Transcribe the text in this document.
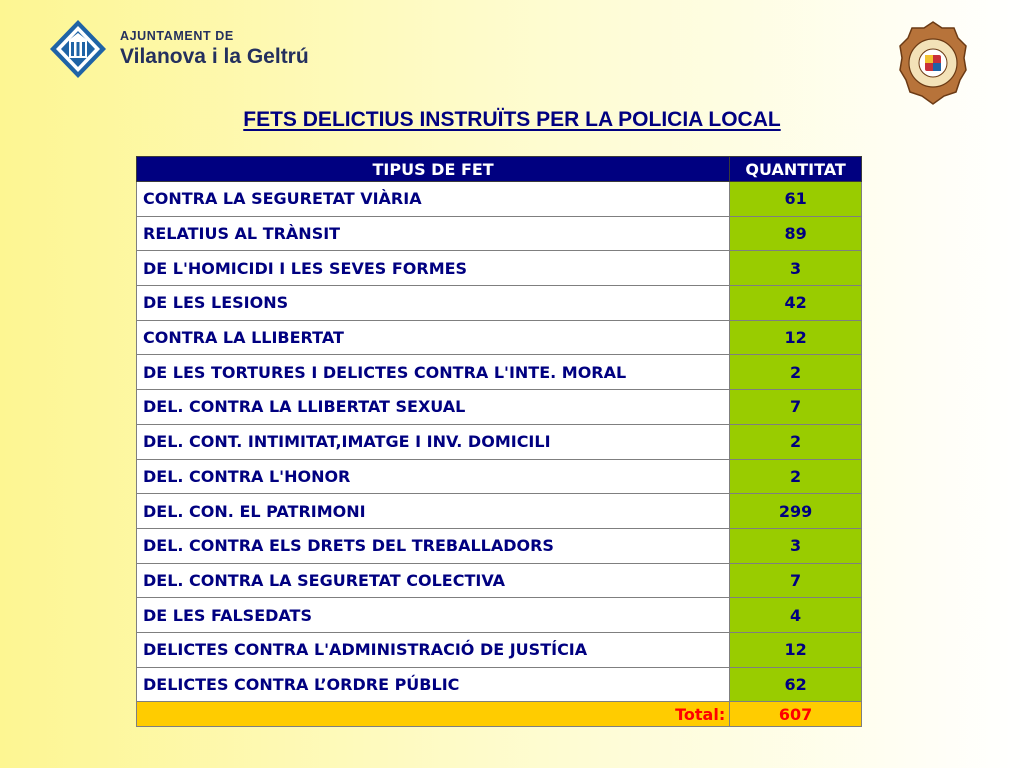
AJUNTAMENT DE
Vilanova i la Geltrú
FETS DELICTIUS INSTRUÏTS PER LA POLICIA LOCAL
TIPUS DE FET	QUANTITAT
CONTRA LA SEGURETAT VIÀRIA	61
RELATIUS AL TRÀNSIT	89
DE L'HOMICIDI I LES SEVES FORMES	3
DE LES LESIONS	42
CONTRA LA LLIBERTAT	12
DE LES TORTURES I DELICTES CONTRA L'INTE. MORAL	2
DEL. CONTRA LA LLIBERTAT SEXUAL	7
DEL. CONT. INTIMITAT,IMATGE I INV. DOMICILI	2
DEL. CONTRA L'HONOR	2
DEL. CON. EL PATRIMONI	299
DEL. CONTRA ELS DRETS DEL TREBALLADORS	3
DEL. CONTRA LA SEGURETAT COLECTIVA	7
DE LES FALSEDATS	4
DELICTES CONTRA L'ADMINISTRACIÓ DE JUSTÍCIA	12
DELICTES CONTRA L’ORDRE PÚBLIC	62
Total:	607
